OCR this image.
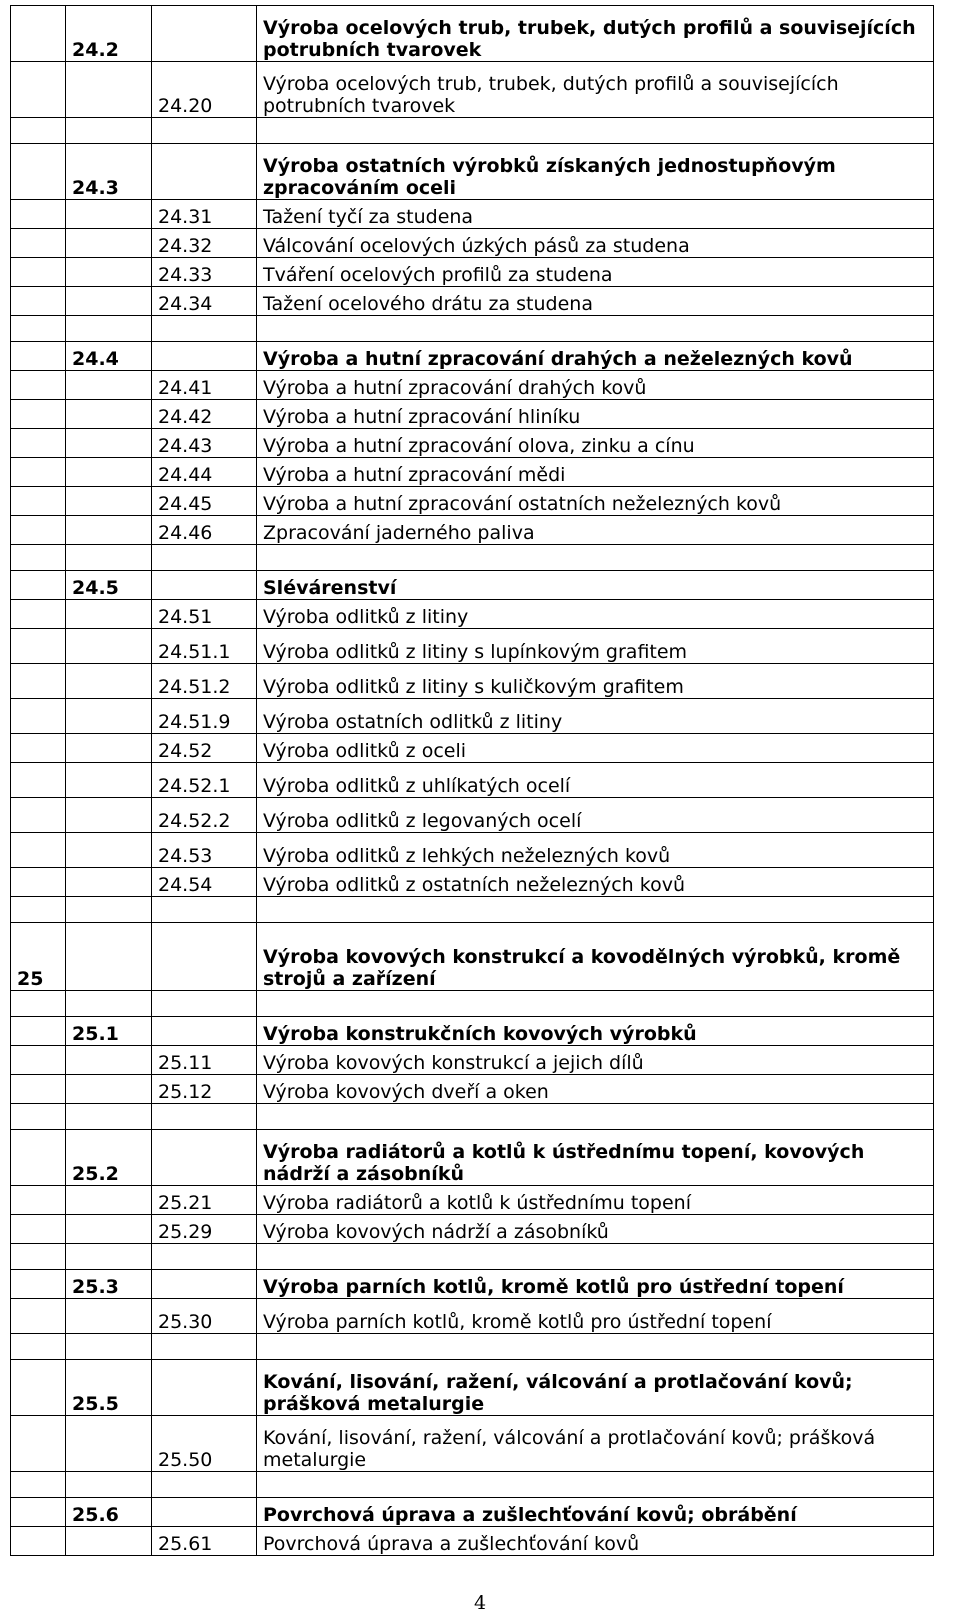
	24.2		Výroba ocelových trub, trubek, dutých profilů a souvisejících potrubních tvarovek
		24.20	Výroba ocelových trub, trubek, dutých profilů a souvisejících potrubních tvarovek

	24.3		Výroba ostatních výrobků získaných jednostupňovým zpracováním oceli
		24.31	Tažení tyčí za studena
		24.32	Válcování ocelových úzkých pásů za studena
		24.33	Tváření ocelových profilů za studena
		24.34	Tažení ocelového drátu za studena

	24.4		Výroba a hutní zpracování drahých a neželezných kovů
		24.41	Výroba a hutní zpracování drahých kovů
		24.42	Výroba a hutní zpracování hliníku
		24.43	Výroba a hutní zpracování olova, zinku a cínu
		24.44	Výroba a hutní zpracování mědi
		24.45	Výroba a hutní zpracování ostatních neželezných kovů
		24.46	Zpracování jaderného paliva

	24.5		Slévárenství
		24.51	Výroba odlitků z litiny
		24.51.1	Výroba odlitků z litiny s lupínkovým grafitem
		24.51.2	Výroba odlitků z litiny s kuličkovým grafitem
		24.51.9	Výroba ostatních odlitků z litiny
		24.52	Výroba odlitků z oceli
		24.52.1	Výroba odlitků z uhlíkatých ocelí
		24.52.2	Výroba odlitků z legovaných ocelí
		24.53	Výroba odlitků z lehkých neželezných kovů
		24.54	Výroba odlitků z ostatních neželezných kovů

25			Výroba kovových konstrukcí a kovodělných výrobků, kromě strojů a zařízení

	25.1		Výroba konstrukčních kovových výrobků
		25.11	Výroba kovových konstrukcí a jejich dílů
		25.12	Výroba kovových dveří a oken

	25.2		Výroba radiátorů a kotlů k ústřednímu topení, kovových nádrží a zásobníků
		25.21	Výroba radiátorů a kotlů k ústřednímu topení
		25.29	Výroba kovových nádrží a zásobníků

	25.3		Výroba parních kotlů, kromě kotlů pro ústřední topení
		25.30	Výroba parních kotlů, kromě kotlů pro ústřední topení

	25.5		Kování, lisování, ražení, válcování a protlačování kovů; prášková metalurgie
		25.50	Kování, lisování, ražení, válcování a protlačování kovů; prášková metalurgie

	25.6		Povrchová úprava a zušlechťování kovů; obrábění
		25.61	Povrchová úprava a zušlechťování kovů
4
